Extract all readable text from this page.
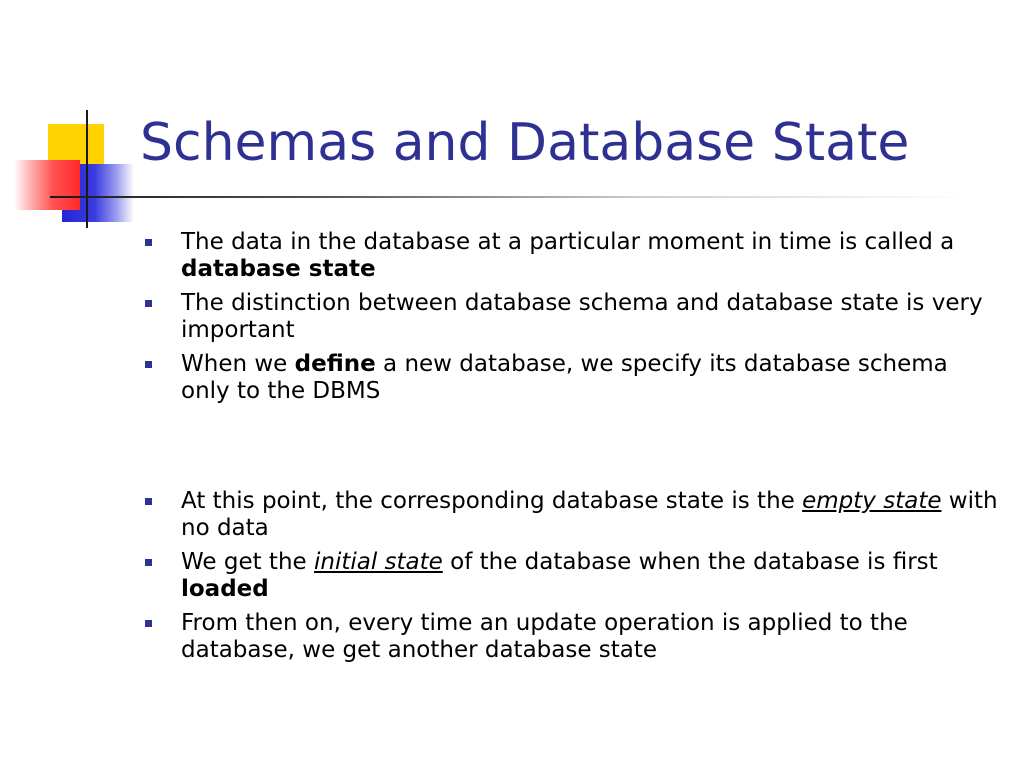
Schemas and Database State
The data in the database at a particular moment in time is called a database state
The distinction between database schema and database state is very important
When we define a new database, we specify its database schema only to the DBMS
At this point, the corresponding database state is the empty state with no data
We get the initial state of the database when the database is first loaded
From then on, every time an update operation is applied to the database, we get another database state
